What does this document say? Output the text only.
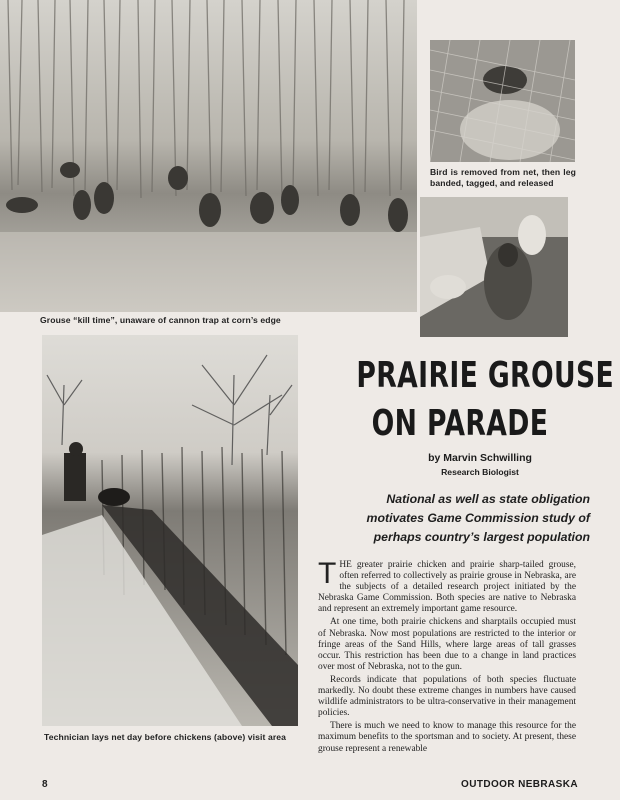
Grouse “kill time”, unaware of cannon trap at corn’s edge
Bird is removed from net, then leg banded, tagged, and released
Technician lays net day before chickens (above) visit area
PRAIRIE GROUSE
ON PARADE
by Marvin Schwilling
Research Biologist
National as well as state obligation motivates Game Commission study of perhaps country’s largest population

THE greater prairie chicken and prairie sharp-tailed grouse, often referred to collectively as prairie grouse in Nebraska, are the subjects of a detailed research project initiated by the Nebraska Game Commission. Both species are native to Nebraska and represent an extremely important game resource.

At one time, both prairie chickens and sharptails occupied must of Nebraska. Now most populations are restricted to the interior or fringe areas of the Sand Hills, where large areas of tall grasses occur. This restriction has been due to a change in land practices over most of Nebraska, not to the gun.

Records indicate that populations of both species fluctuate markedly. No doubt these extreme changes in numbers have caused wildlife administrators to be ultra-conservative in their management policies.

There is much we need to know to manage this resource for the maximum benefits to the sportsman and to society. At present, these grouse represent a renewable

8	OUTDOOR NEBRASKA
